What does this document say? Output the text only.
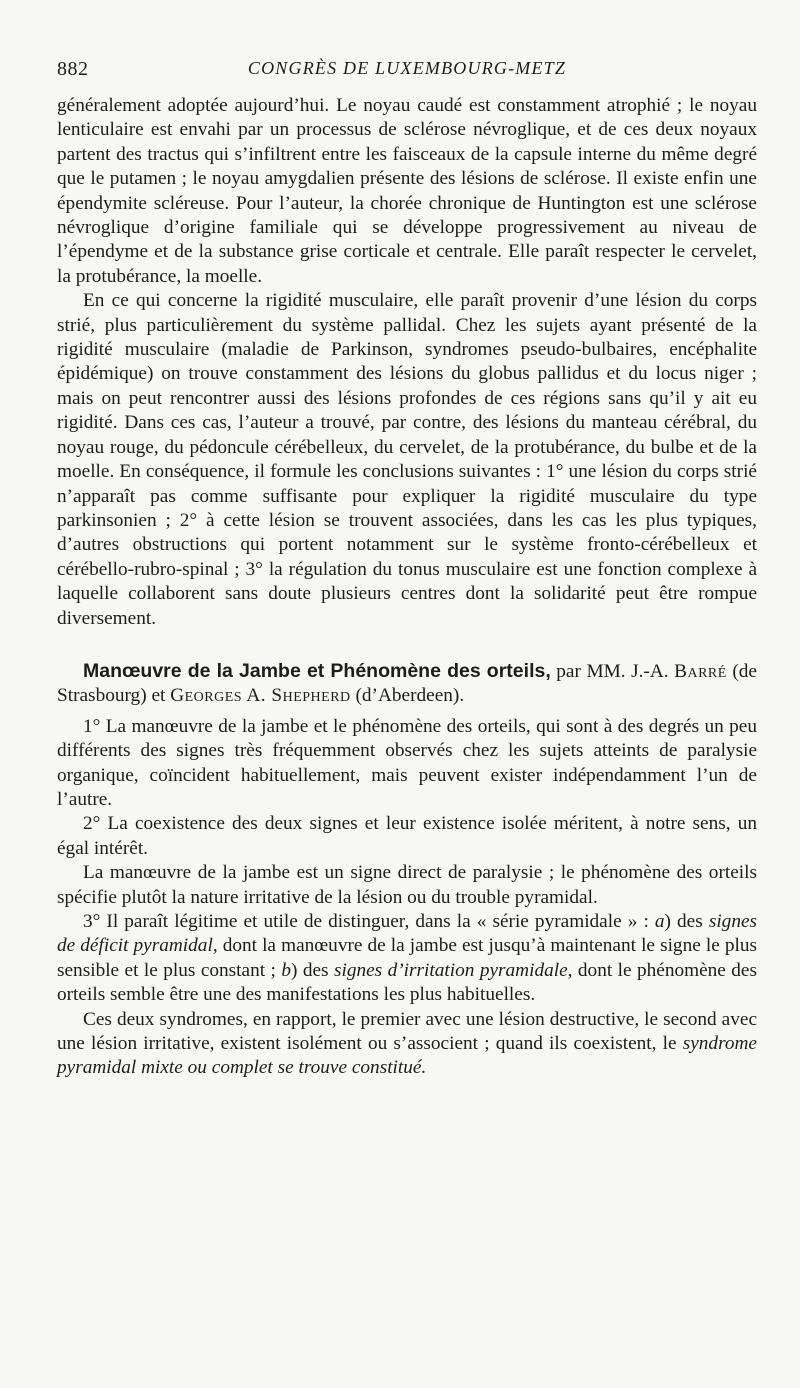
882	CONGRÈS DE LUXEMBOURG-METZ

généralement adoptée aujourd’hui. Le noyau caudé est constamment atrophié ; le noyau lenticulaire est envahi par un processus de sclérose névroglique, et de ces deux noyaux partent des tractus qui s’infiltrent entre les faisceaux de la capsule interne du même degré que le putamen ; le noyau amygdalien présente des lésions de sclérose. Il existe enfin une épendymite scléreuse. Pour l’auteur, la chorée chronique de Huntington est une sclérose névroglique d’origine familiale qui se développe progressivement au niveau de l’épendyme et de la substance grise corticale et centrale. Elle paraît respecter le cervelet, la protubérance, la moelle.

En ce qui concerne la rigidité musculaire, elle paraît provenir d’une lésion du corps strié, plus particulièrement du système pallidal. Chez les sujets ayant présenté de la rigidité musculaire (maladie de Parkinson, syndromes pseudo-bulbaires, encéphalite épidémique) on trouve constamment des lésions du globus pallidus et du locus niger ; mais on peut rencontrer aussi des lésions profondes de ces régions sans qu’il y ait eu rigidité. Dans ces cas, l’auteur a trouvé, par contre, des lésions du manteau cérébral, du noyau rouge, du pédoncule cérébelleux, du cervelet, de la protubérance, du bulbe et de la moelle. En conséquence, il formule les conclusions suivantes : 1° une lésion du corps strié n’apparaît pas comme suffisante pour expliquer la rigidité musculaire du type parkinsonien ; 2° à cette lésion se trouvent associées, dans les cas les plus typiques, d’autres obstructions qui portent notamment sur le système fronto-cérébelleux et cérébello-rubro-spinal ; 3° la régulation du tonus musculaire est une fonction complexe à laquelle collaborent sans doute plusieurs centres dont la solidarité peut être rompue diversement.

Manœuvre de la Jambe et Phénomène des orteils, par MM. J.-A. Barré (de Strasbourg) et Georges A. Shepherd (d’Aberdeen).

1° La manœuvre de la jambe et le phénomène des orteils, qui sont à des degrés un peu différents des signes très fréquemment observés chez les sujets atteints de paralysie organique, coïncident habituellement, mais peuvent exister indépendamment l’un de l’autre.

2° La coexistence des deux signes et leur existence isolée méritent, à notre sens, un égal intérêt.

La manœuvre de la jambe est un signe direct de paralysie ; le phénomène des orteils spécifie plutôt la nature irritative de la lésion ou du trouble pyramidal.

3° Il paraît légitime et utile de distinguer, dans la « série pyramidale » : a) des signes de déficit pyramidal, dont la manœuvre de la jambe est jusqu’à maintenant le signe le plus sensible et le plus constant ; b) des signes d’irritation pyramidale, dont le phénomène des orteils semble être une des manifestations les plus habituelles.

Ces deux syndromes, en rapport, le premier avec une lésion destructive, le second avec une lésion irritative, existent isolément ou s’associent ; quand ils coexistent, le syndrome pyramidal mixte ou complet se trouve constitué.
